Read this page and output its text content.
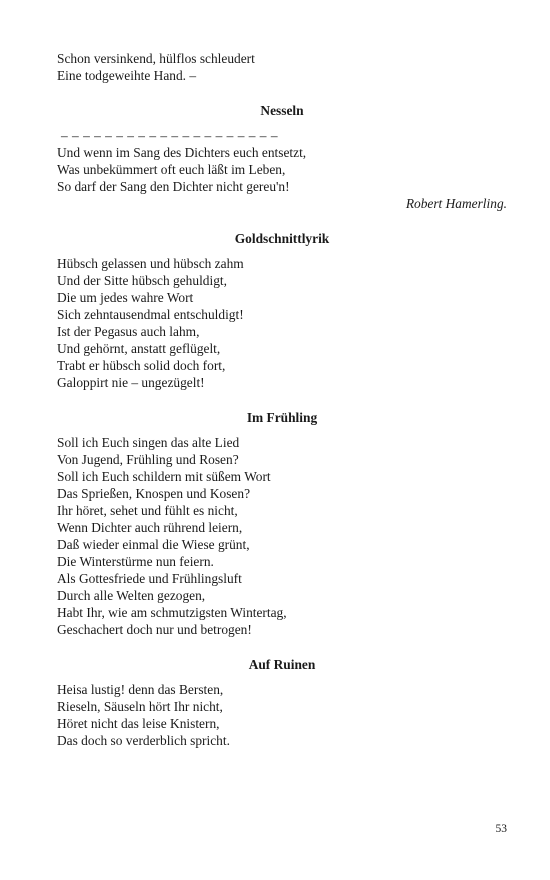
Schon versinkend, hülflos schleudert
Eine todgeweihte Hand. –
Nesseln
– – – – – – – – – – – – – – – – – – – –
Und wenn im Sang des Dichters euch entsetzt,
Was unbekümmert oft euch läßt im Leben,
So darf der Sang den Dichter nicht gereu'n!
Robert Hamerling.
Goldschnittlyrik
Hübsch gelassen und hübsch zahm
Und der Sitte hübsch gehuldigt,
Die um jedes wahre Wort
Sich zehntausendmal entschuldigt!
Ist der Pegasus auch lahm,
Und gehörnt, anstatt geflügelt,
Trabt er hübsch solid doch fort,
Galoppirt nie – ungezügelt!
Im Frühling
Soll ich Euch singen das alte Lied
Von Jugend, Frühling und Rosen?
Soll ich Euch schildern mit süßem Wort
Das Sprießen, Knospen und Kosen?
Ihr höret, sehet und fühlt es nicht,
Wenn Dichter auch rührend leiern,
Daß wieder einmal die Wiese grünt,
Die Winterstürme nun feiern.
Als Gottesfriede und Frühlingsluft
Durch alle Welten gezogen,
Habt Ihr, wie am schmutzigsten Wintertag,
Geschachert doch nur und betrogen!
Auf Ruinen
Heisa lustig! denn das Bersten,
Rieseln, Säuseln hört Ihr nicht,
Höret nicht das leise Knistern,
Das doch so verderblich spricht.
53
